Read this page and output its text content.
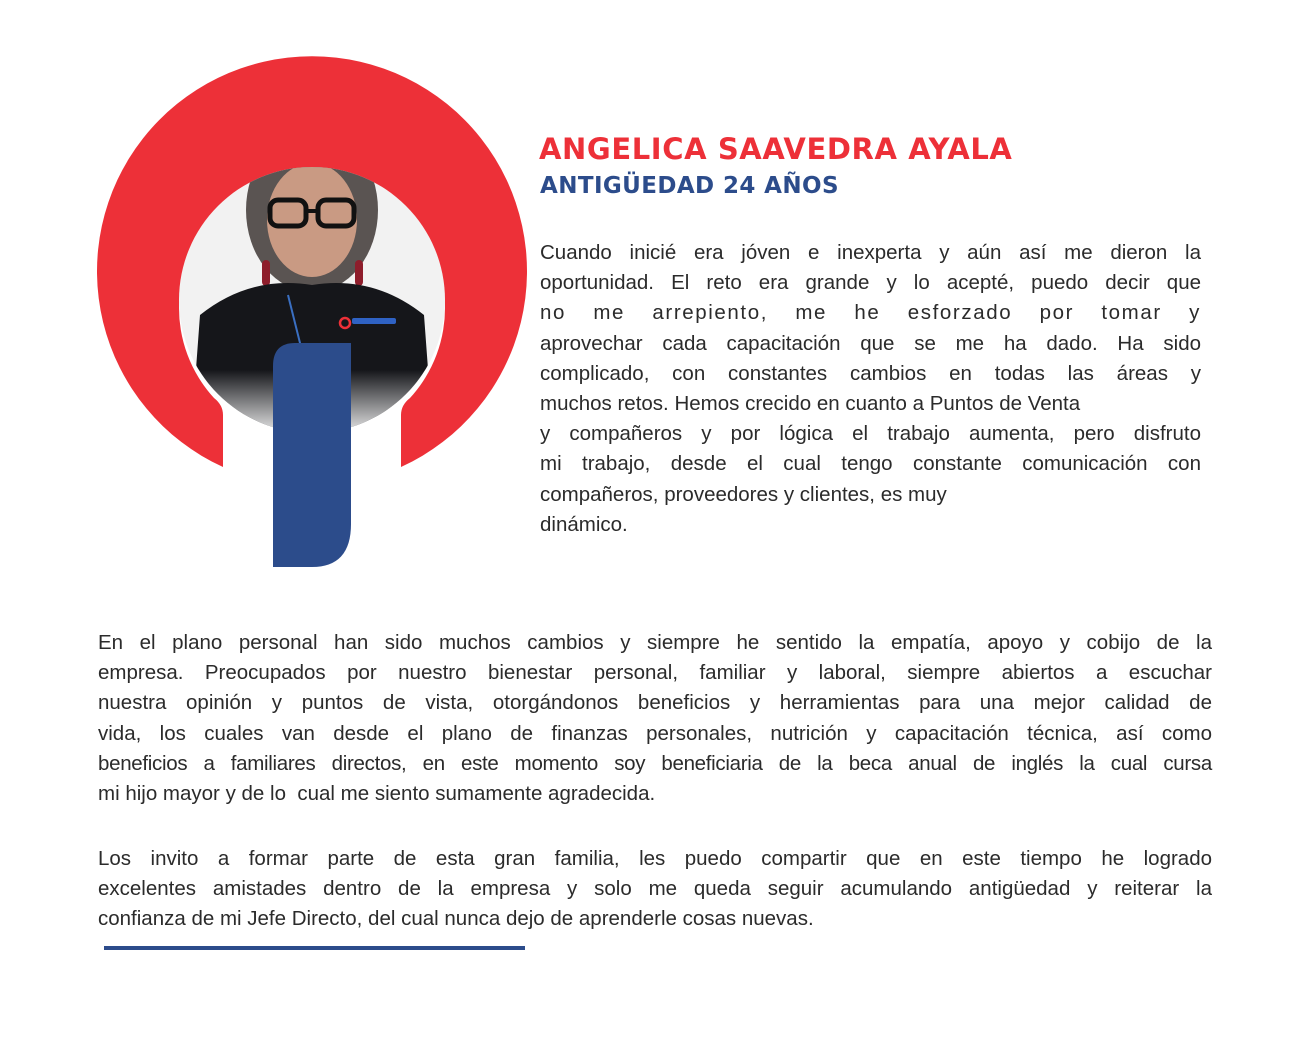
ANGELICA SAAVEDRA AYALA
ANTIGÜEDAD 24 AÑOS

Cuando inicié era jóven e inexperta y aún así me dieron la
oportunidad. El reto era grande y lo acepté, puedo decir que
no me arrepiento, me he esforzado por tomar y
aprovechar cada capacitación que se me ha dado. Ha sido
complicado, con constantes cambios en todas las áreas y
muchos retos. Hemos crecido en cuanto a Puntos de Venta
y compañeros y por lógica el trabajo aumenta, pero disfruto
mi trabajo, desde el cual tengo constante comunicación con
compañeros, proveedores y clientes, es muy
dinámico.

En el plano personal han sido muchos cambios y siempre he sentido la empatía, apoyo y cobijo de la
empresa. Preocupados por nuestro bienestar personal, familiar y laboral, siempre abiertos a escuchar
nuestra opinión y puntos de vista, otorgándonos beneficios y herramientas para una mejor calidad de
vida, los cuales van desde el plano de finanzas personales, nutrición y capacitación técnica, así como
beneficios a familiares directos, en este momento soy beneficiaria de la beca anual de inglés la cual cursa
mi hijo mayor y de lo  cual me siento sumamente agradecida.

Los invito a formar parte de esta gran familia, les puedo compartir que en este tiempo he logrado
excelentes amistades dentro de la empresa y solo me queda seguir acumulando antigüedad y reiterar la
confianza de mi Jefe Directo, del cual nunca dejo de aprenderle cosas nuevas.
